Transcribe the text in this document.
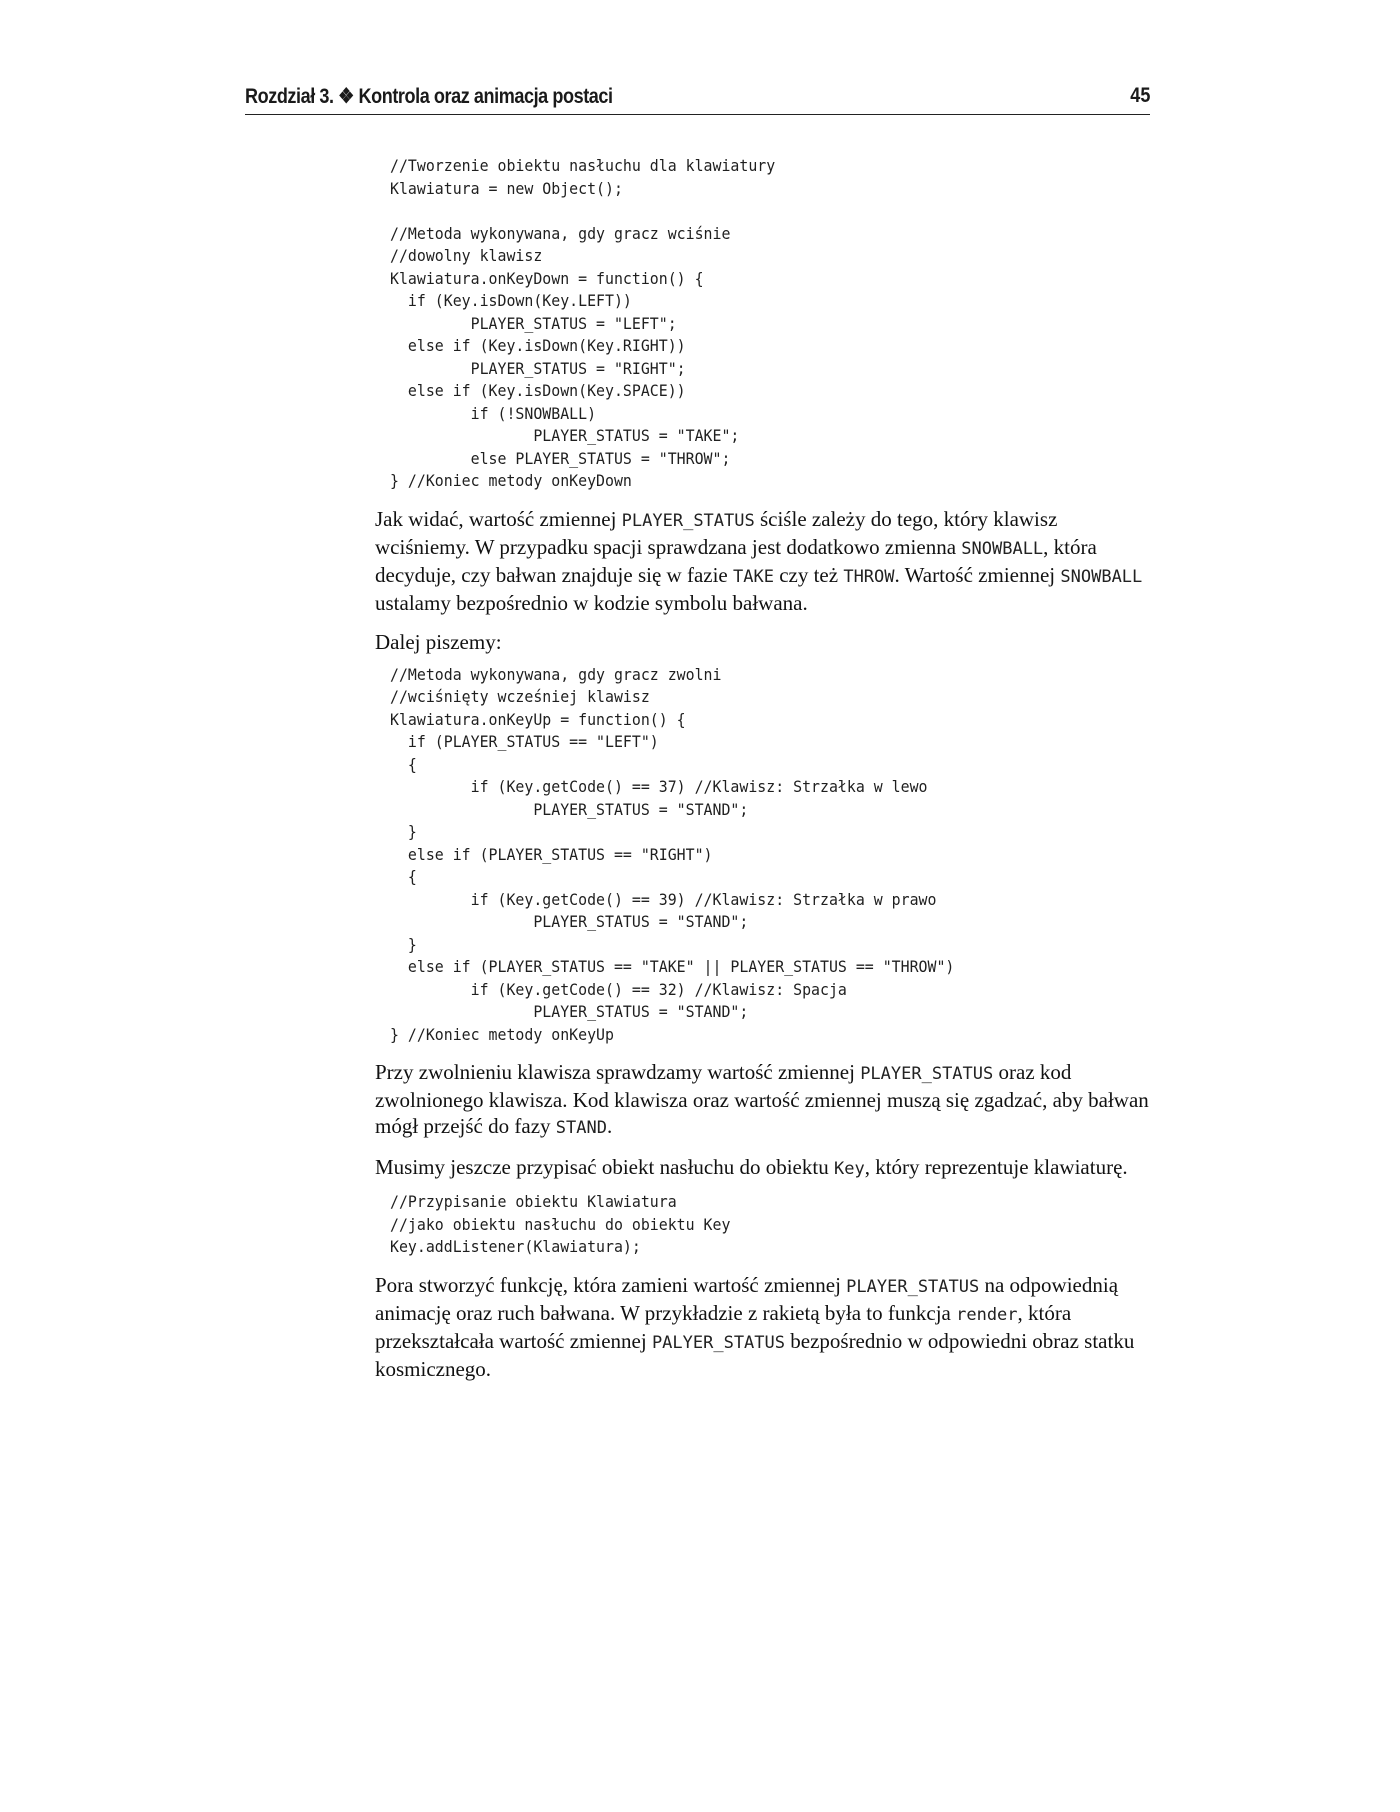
Rozdział 3. ❖ Kontrola oraz animacja postaci	45
//Tworzenie obiektu nasłuchu dla klawiatury
Klawiatura = new Object();

//Metoda wykonywana, gdy gracz wciśnie
//dowolny klawisz
Klawiatura.onKeyDown = function() {
if (Key.isDown(Key.LEFT))
PLAYER_STATUS = "LEFT";
else if (Key.isDown(Key.RIGHT))
PLAYER_STATUS = "RIGHT";
else if (Key.isDown(Key.SPACE))
if (!SNOWBALL)
PLAYER_STATUS = "TAKE";
else PLAYER_STATUS = "THROW";
} //Koniec metody onKeyDown

Jak widać, wartość zmiennej PLAYER_STATUS ściśle zależy do tego, który klawisz wciśniemy. W przypadku spacji sprawdzana jest dodatkowo zmienna SNOWBALL, która decyduje, czy bałwan znajduje się w fazie TAKE czy też THROW. Wartość zmiennej SNOWBALL ustalamy bezpośrednio w kodzie symbolu bałwana.

Dalej piszemy:

//Metoda wykonywana, gdy gracz zwolni
//wciśnięty wcześniej klawisz
Klawiatura.onKeyUp = function() {
if (PLAYER_STATUS == "LEFT")
{
if (Key.getCode() == 37) //Klawisz: Strzałka w lewo
PLAYER_STATUS = "STAND";
}
else if (PLAYER_STATUS == "RIGHT")
{
if (Key.getCode() == 39) //Klawisz: Strzałka w prawo
PLAYER_STATUS = "STAND";
}
else if (PLAYER_STATUS == "TAKE" || PLAYER_STATUS == "THROW")
if (Key.getCode() == 32) //Klawisz: Spacja
PLAYER_STATUS = "STAND";
} //Koniec metody onKeyUp

Przy zwolnieniu klawisza sprawdzamy wartość zmiennej PLAYER_STATUS oraz kod zwolnionego klawisza. Kod klawisza oraz wartość zmiennej muszą się zgadzać, aby bałwan mógł przejść do fazy STAND.

Musimy jeszcze przypisać obiekt nasłuchu do obiektu Key, który reprezentuje klawiaturę.

//Przypisanie obiektu Klawiatura
//jako obiektu nasłuchu do obiektu Key
Key.addListener(Klawiatura);

Pora stworzyć funkcję, która zamieni wartość zmiennej PLAYER_STATUS na odpowiednią animację oraz ruch bałwana. W przykładzie z rakietą była to funkcja render, która przekształcała wartość zmiennej PALYER_STATUS bezpośrednio w odpowiedni obraz statku kosmicznego.
